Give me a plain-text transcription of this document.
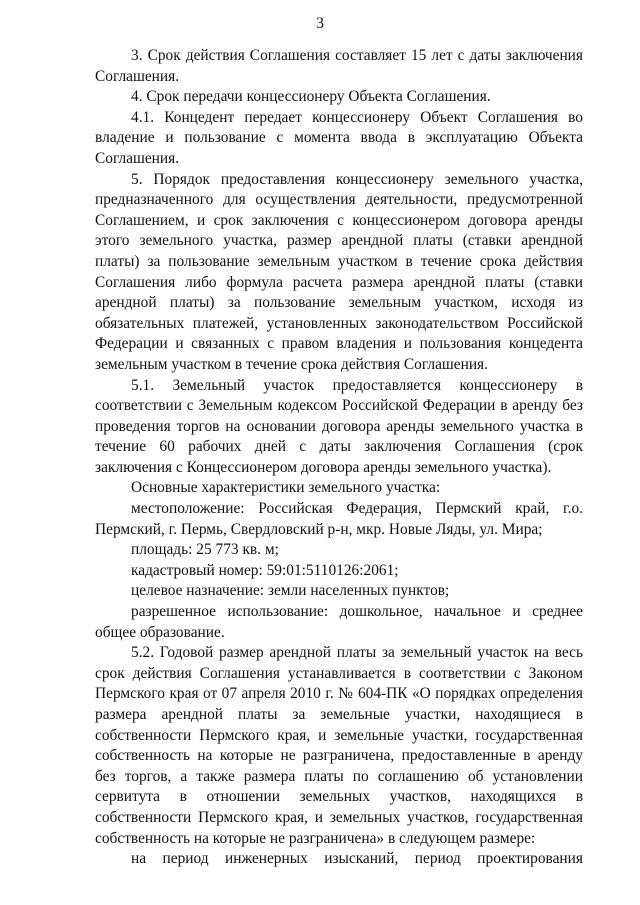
3

3. Срок действия Соглашения составляет 15 лет с даты заключения Соглашения.

4. Срок передачи концессионеру Объекта Соглашения.

4.1. Концедент передает концессионеру Объект Соглашения во владение и пользование с момента ввода в эксплуатацию Объекта Соглашения.

5. Порядок предоставления концессионеру земельного участка, предназначенного для осуществления деятельности, предусмотренной Соглашением, и срок заключения с концессионером договора аренды этого земельного участка, размер арендной платы (ставки арендной платы) за пользование земельным участком в течение срока действия Соглашения либо формула расчета размера арендной платы (ставки арендной платы) за пользование земельным участком, исходя из обязательных платежей, установленных законодательством Российской Федерации и связанных с правом владения и пользования концедента земельным участком в течение срока действия Соглашения.

5.1. Земельный участок предоставляется концессионеру в соответствии с Земельным кодексом Российской Федерации в аренду без проведения торгов на основании договора аренды земельного участка в течение 60 рабочих дней с даты заключения Соглашения (срок заключения с Концессионером договора аренды земельного участка).

Основные характеристики земельного участка:

местоположение: Российская Федерация, Пермский край, г.о. Пермский, г. Пермь, Свердловский р-н, мкр. Новые Ляды, ул. Мира;

площадь: 25 773 кв. м;

кадастровый номер: 59:01:5110126:2061;

целевое назначение: земли населенных пунктов;

разрешенное использование: дошкольное, начальное и среднее общее образование.

5.2. Годовой размер арендной платы за земельный участок на весь срок действия Соглашения устанавливается в соответствии с Законом Пермского края от 07 апреля 2010 г. № 604-ПК «О порядках определения размера арендной платы за земельные участки, находящиеся в собственности Пермского края, и земельные участки, государственная собственность на которые не разграничена, предоставленные в аренду без торгов, а также размера платы по соглашению об установлении сервитута в отношении земельных участков, находящихся в собственности Пермского края, и земельных участков, государственная собственность на которые не разграничена» в следующем размере:

на период инженерных изысканий, период проектирования
